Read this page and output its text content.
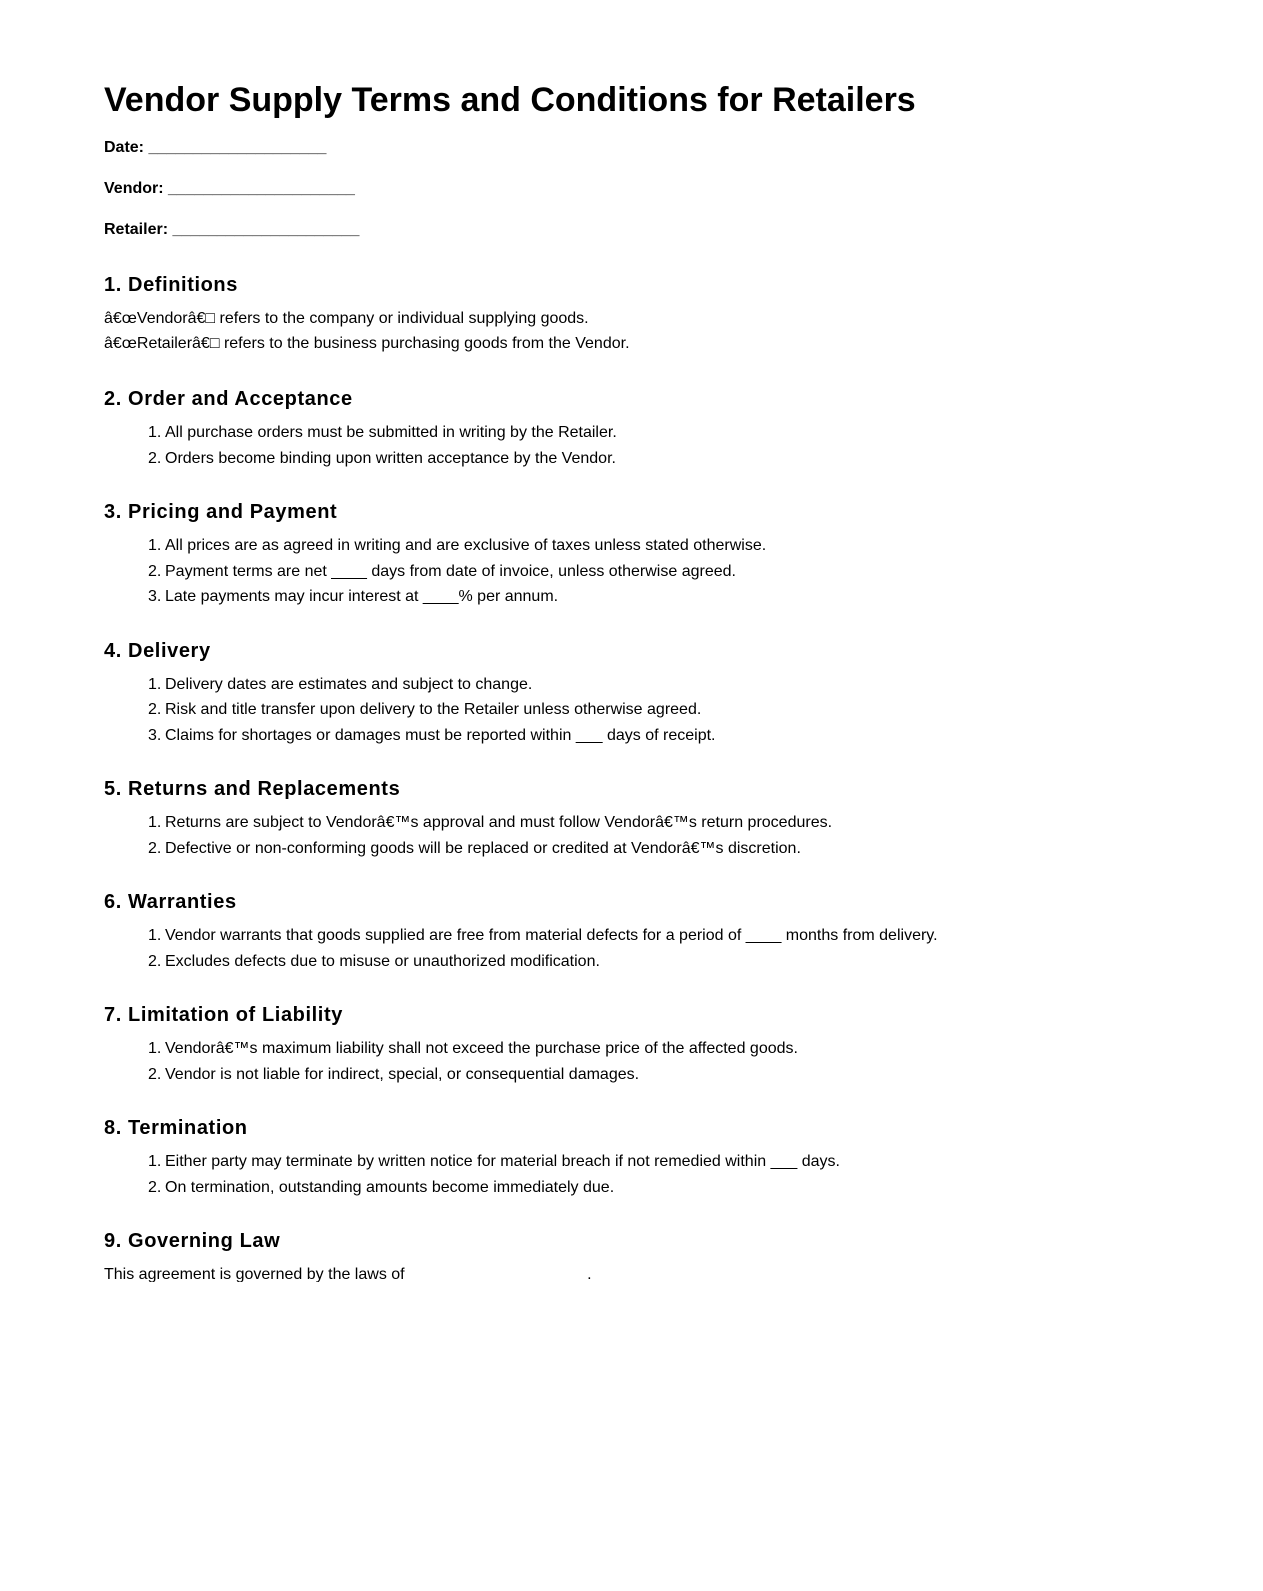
Vendor Supply Terms and Conditions for Retailers

Date: ____________________

Vendor: _____________________

Retailer: _____________________

1. Definitions

â€œVendorâ€□ refers to the company or individual supplying goods.
â€œRetailerâ€□ refers to the business purchasing goods from the Vendor.

2. Order and Acceptance
1. All purchase orders must be submitted in writing by the Retailer.
2. Orders become binding upon written acceptance by the Vendor.
3. Pricing and Payment
1. All prices are as agreed in writing and are exclusive of taxes unless stated otherwise.
2. Payment terms are net ____ days from date of invoice, unless otherwise agreed.
3. Late payments may incur interest at ____% per annum.
4. Delivery
1. Delivery dates are estimates and subject to change.
2. Risk and title transfer upon delivery to the Retailer unless otherwise agreed.
3. Claims for shortages or damages must be reported within ___ days of receipt.
5. Returns and Replacements
1. Returns are subject to Vendorâ€™s approval and must follow Vendorâ€™s return procedures.
2. Defective or non-conforming goods will be replaced or credited at Vendorâ€™s discretion.
6. Warranties
1. Vendor warrants that goods supplied are free from material defects for a period of ____ months from delivery.
2. Excludes defects due to misuse or unauthorized modification.
7. Limitation of Liability
1. Vendorâ€™s maximum liability shall not exceed the purchase price of the affected goods.
2. Vendor is not liable for indirect, special, or consequential damages.
8. Termination
1. Either party may terminate by written notice for material breach if not remedied within ___ days.
2. On termination, outstanding amounts become immediately due.
9. Governing Law

This agreement is governed by the laws of	.
